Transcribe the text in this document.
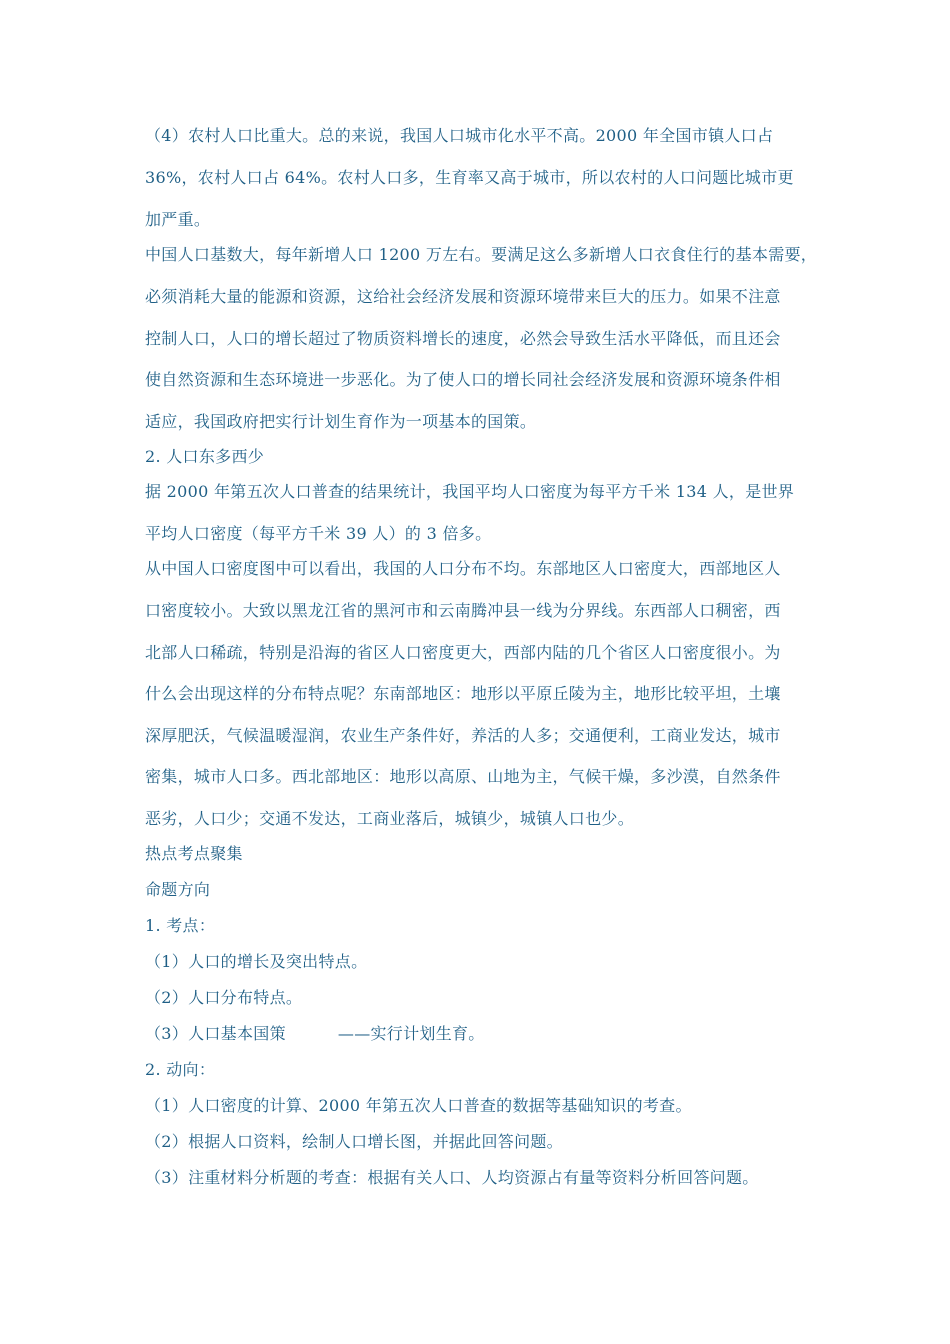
（4）农村人口比重大。总的来说，我国人口城市化水平不高。2000 年全国市镇人口占
36%，农村人口占 64%。农村人口多，生育率又高于城市，所以农村的人口问题比城市更
加严重。
中国人口基数大，每年新增人口 1200 万左右。要满足这么多新增人口衣食住行的基本需要，
必须消耗大量的能源和资源，这给社会经济发展和资源环境带来巨大的压力。如果不注意
控制人口，人口的增长超过了物质资料增长的速度，必然会导致生活水平降低，而且还会
使自然资源和生态环境进一步恶化。为了使人口的增长同社会经济发展和资源环境条件相
适应，我国政府把实行计划生育作为一项基本的国策。
2. 人口东多西少
据 2000 年第五次人口普查的结果统计，我国平均人口密度为每平方千米 134 人，是世界
平均人口密度（每平方千米 39 人）的 3 倍多。
从中国人口密度图中可以看出，我国的人口分布不均。东部地区人口密度大，西部地区人
口密度较小。大致以黑龙江省的黑河市和云南腾冲县一线为分界线。东西部人口稠密，西
北部人口稀疏，特别是沿海的省区人口密度更大，西部内陆的几个省区人口密度很小。为
什么会出现这样的分布特点呢？东南部地区：地形以平原丘陵为主，地形比较平坦，土壤
深厚肥沃，气候温暖湿润，农业生产条件好，养活的人多；交通便利，工商业发达，城市
密集，城市人口多。西北部地区：地形以高原、山地为主，气候干燥，多沙漠，自然条件
恶劣，人口少；交通不发达，工商业落后，城镇少，城镇人口也少。
热点考点聚集
命题方向
1. 考点：
（1）人口的增长及突出特点。
（2）人口分布特点。
（3）人口基本国策	——实行计划生育。
2. 动向：
（1）人口密度的计算、2000 年第五次人口普查的数据等基础知识的考查。
（2）根据人口资料，绘制人口增长图，并据此回答问题。
（3）注重材料分析题的考查：根据有关人口、人均资源占有量等资料分析回答问题。
